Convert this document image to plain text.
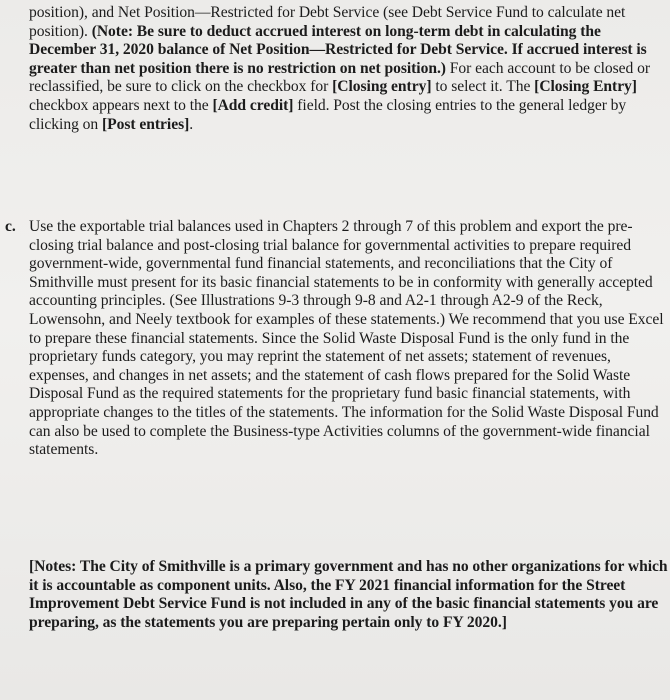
position), and Net Position—Restricted for Debt Service (see Debt Service Fund to calculate net position). (Note: Be sure to deduct accrued interest on long-term debt in calculating the December 31, 2020 balance of Net Position—Restricted for Debt Service. If accrued interest is greater than net position there is no restriction on net position.) For each account to be closed or reclassified, be sure to click on the checkbox for [Closing entry] to select it. The [Closing Entry] checkbox appears next to the [Add credit] field. Post the closing entries to the general ledger by clicking on [Post entries].
c. Use the exportable trial balances used in Chapters 2 through 7 of this problem and export the pre-closing trial balance and post-closing trial balance for governmental activities to prepare required government-wide, governmental fund financial statements, and reconciliations that the City of Smithville must present for its basic financial statements to be in conformity with generally accepted accounting principles. (See Illustrations 9-3 through 9-8 and A2-1 through A2-9 of the Reck, Lowensohn, and Neely textbook for examples of these statements.) We recommend that you use Excel to prepare these financial statements. Since the Solid Waste Disposal Fund is the only fund in the proprietary funds category, you may reprint the statement of net assets; statement of revenues, expenses, and changes in net assets; and the statement of cash flows prepared for the Solid Waste Disposal Fund as the required statements for the proprietary fund basic financial statements, with appropriate changes to the titles of the statements. The information for the Solid Waste Disposal Fund can also be used to complete the Business-type Activities columns of the government-wide financial statements.
[Notes: The City of Smithville is a primary government and has no other organizations for which it is accountable as component units. Also, the FY 2021 financial information for the Street Improvement Debt Service Fund is not included in any of the basic financial statements you are preparing, as the statements you are preparing pertain only to FY 2020.]
